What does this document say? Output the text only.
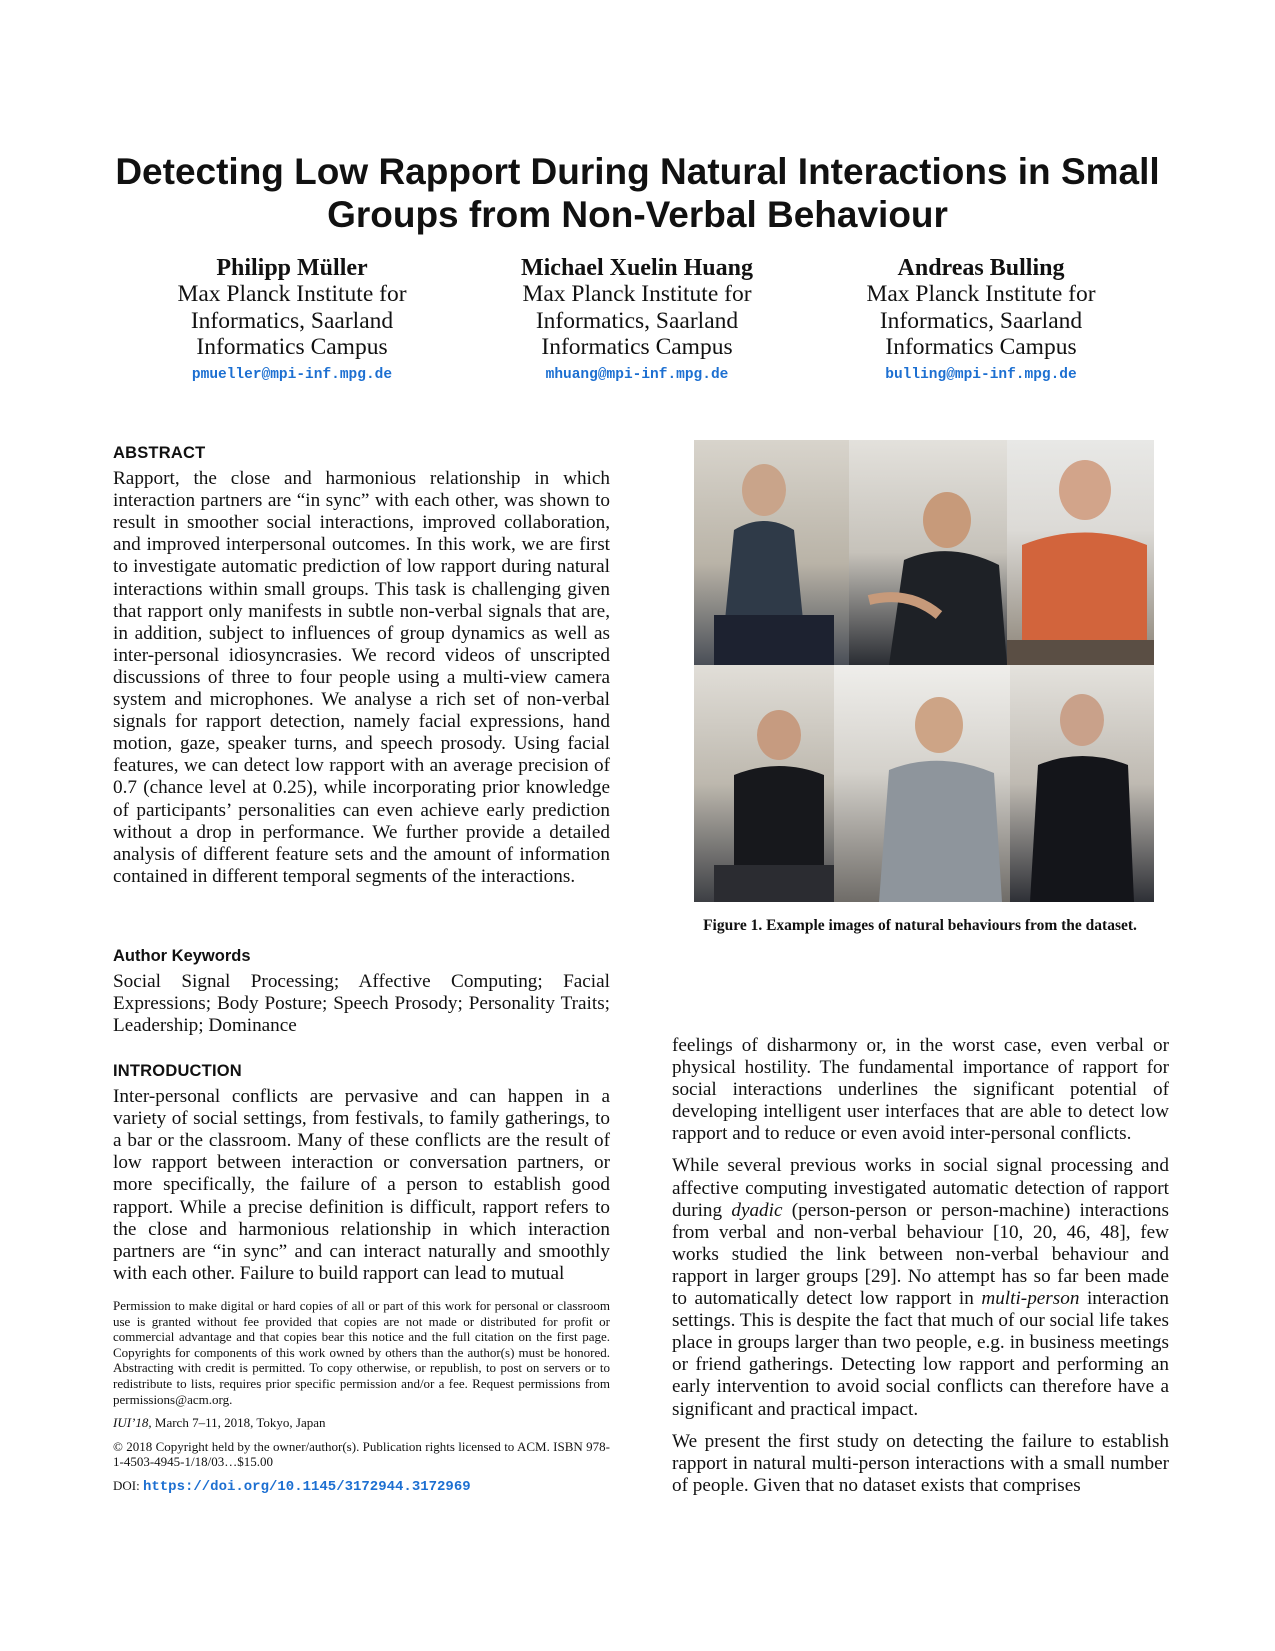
Detecting Low Rapport During Natural Interactions in Small Groups from Non-Verbal Behaviour
Philipp Müller
Max Planck Institute for
Informatics, Saarland
Informatics Campus
pmueller@mpi-inf.mpg.de
Michael Xuelin Huang
Max Planck Institute for
Informatics, Saarland
Informatics Campus
mhuang@mpi-inf.mpg.de
Andreas Bulling
Max Planck Institute for
Informatics, Saarland
Informatics Campus
bulling@mpi-inf.mpg.de
ABSTRACT

Rapport, the close and harmonious relationship in which interaction partners are “in sync” with each other, was shown to result in smoother social interactions, improved collaboration, and improved interpersonal outcomes. In this work, we are first to investigate automatic prediction of low rapport during natural interactions within small groups. This task is challenging given that rapport only manifests in subtle non-verbal signals that are, in addition, subject to influences of group dynamics as well as inter-personal idiosyncrasies. We record videos of unscripted discussions of three to four people using a multi-view camera system and microphones. We analyse a rich set of non-verbal signals for rapport detection, namely facial expressions, hand motion, gaze, speaker turns, and speech prosody. Using facial features, we can detect low rapport with an average precision of 0.7 (chance level at 0.25), while incorporating prior knowledge of participants’ personalities can even achieve early prediction without a drop in performance. We further provide a detailed analysis of different feature sets and the amount of information contained in different temporal segments of the interactions.

Author Keywords

Social Signal Processing; Affective Computing; Facial Expressions; Body Posture; Speech Prosody; Personality Traits; Leadership; Dominance

INTRODUCTION

Inter-personal conflicts are pervasive and can happen in a variety of social settings, from festivals, to family gatherings, to a bar or the classroom. Many of these conflicts are the result of low rapport between interaction or conversation partners, or more specifically, the failure of a person to establish good rapport. While a precise definition is difficult, rapport refers to the close and harmonious relationship in which interaction partners are “in sync” and can interact naturally and smoothly with each other. Failure to build rapport can lead to mutual

Permission to make digital or hard copies of all or part of this work for personal or classroom use is granted without fee provided that copies are not made or distributed for profit or commercial advantage and that copies bear this notice and the full citation on the first page. Copyrights for components of this work owned by others than the author(s) must be honored. Abstracting with credit is permitted. To copy otherwise, or republish, to post on servers or to redistribute to lists, requires prior specific permission and/or a fee. Request permissions from permissions@acm.org.

IUI’18, March 7–11, 2018, Tokyo, Japan

© 2018 Copyright held by the owner/author(s). Publication rights licensed to ACM. ISBN 978-1-4503-4945-1/18/03…$15.00

DOI: https://doi.org/10.1145/3172944.3172969

Figure 1. Example images of natural behaviours from the dataset.

feelings of disharmony or, in the worst case, even verbal or physical hostility. The fundamental importance of rapport for social interactions underlines the significant potential of developing intelligent user interfaces that are able to detect low rapport and to reduce or even avoid inter-personal conflicts.

While several previous works in social signal processing and affective computing investigated automatic detection of rapport during dyadic (person-person or person-machine) interactions from verbal and non-verbal behaviour [10, 20, 46, 48], few works studied the link between non-verbal behaviour and rapport in larger groups [29]. No attempt has so far been made to automatically detect low rapport in multi-person interaction settings. This is despite the fact that much of our social life takes place in groups larger than two people, e.g. in business meetings or friend gatherings. Detecting low rapport and performing an early intervention to avoid social conflicts can therefore have a significant and practical impact.

We present the first study on detecting the failure to establish rapport in natural multi-person interactions with a small number of people. Given that no dataset exists that comprises
